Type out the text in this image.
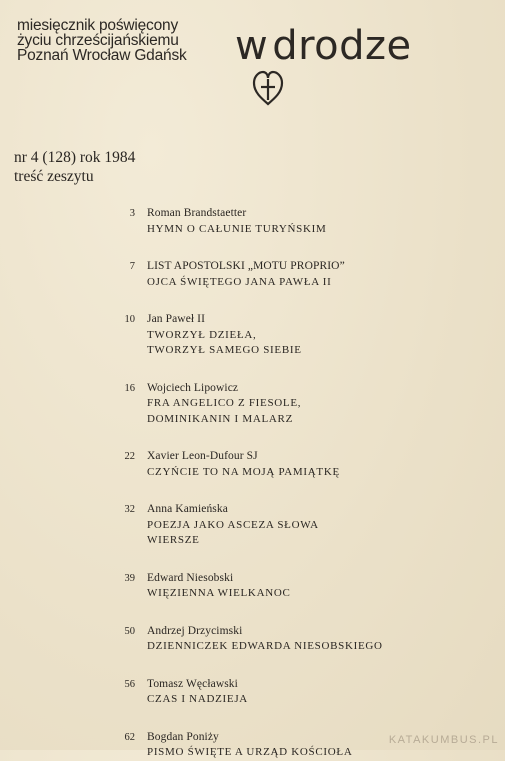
miesięcznik poświęcony
życiu chrześcijańskiemu
Poznań Wrocław Gdańsk w drodze
nr 4 (128) rok 1984
treść zeszytu
3 Roman Brandstaetter
HYMN O CAŁUNIE TURYŃSKIM
7 LIST APOSTOLSKI „MOTU PROPRIO”
OJCA ŚWIĘTEGO JANA PAWŁA II
10 Jan Paweł II
TWORZYŁ DZIEŁA,
TWORZYŁ SAMEGO SIEBIE
16 Wojciech Lipowicz
FRA ANGELICO Z FIESOLE,
DOMINIKANIN I MALARZ
22 Xavier Leon-Dufour SJ
CZYŃCIE TO NA MOJĄ PAMIĄTKĘ
32 Anna Kamieńska
POEZJA JAKO ASCEZA SŁOWA
WIERSZE
39 Edward Niesobski
WIĘZIENNA WIELKANOC
50 Andrzej Drzycimski
DZIENNICZEK EDWARDA NIESOBSKIEGO
56 Tomasz Węcławski
CZAS I NADZIEJA
62 Bogdan Poniży
PISMO ŚWIĘTE A URZĄD KOŚCIOŁA
KATAKUMBUS.PL
